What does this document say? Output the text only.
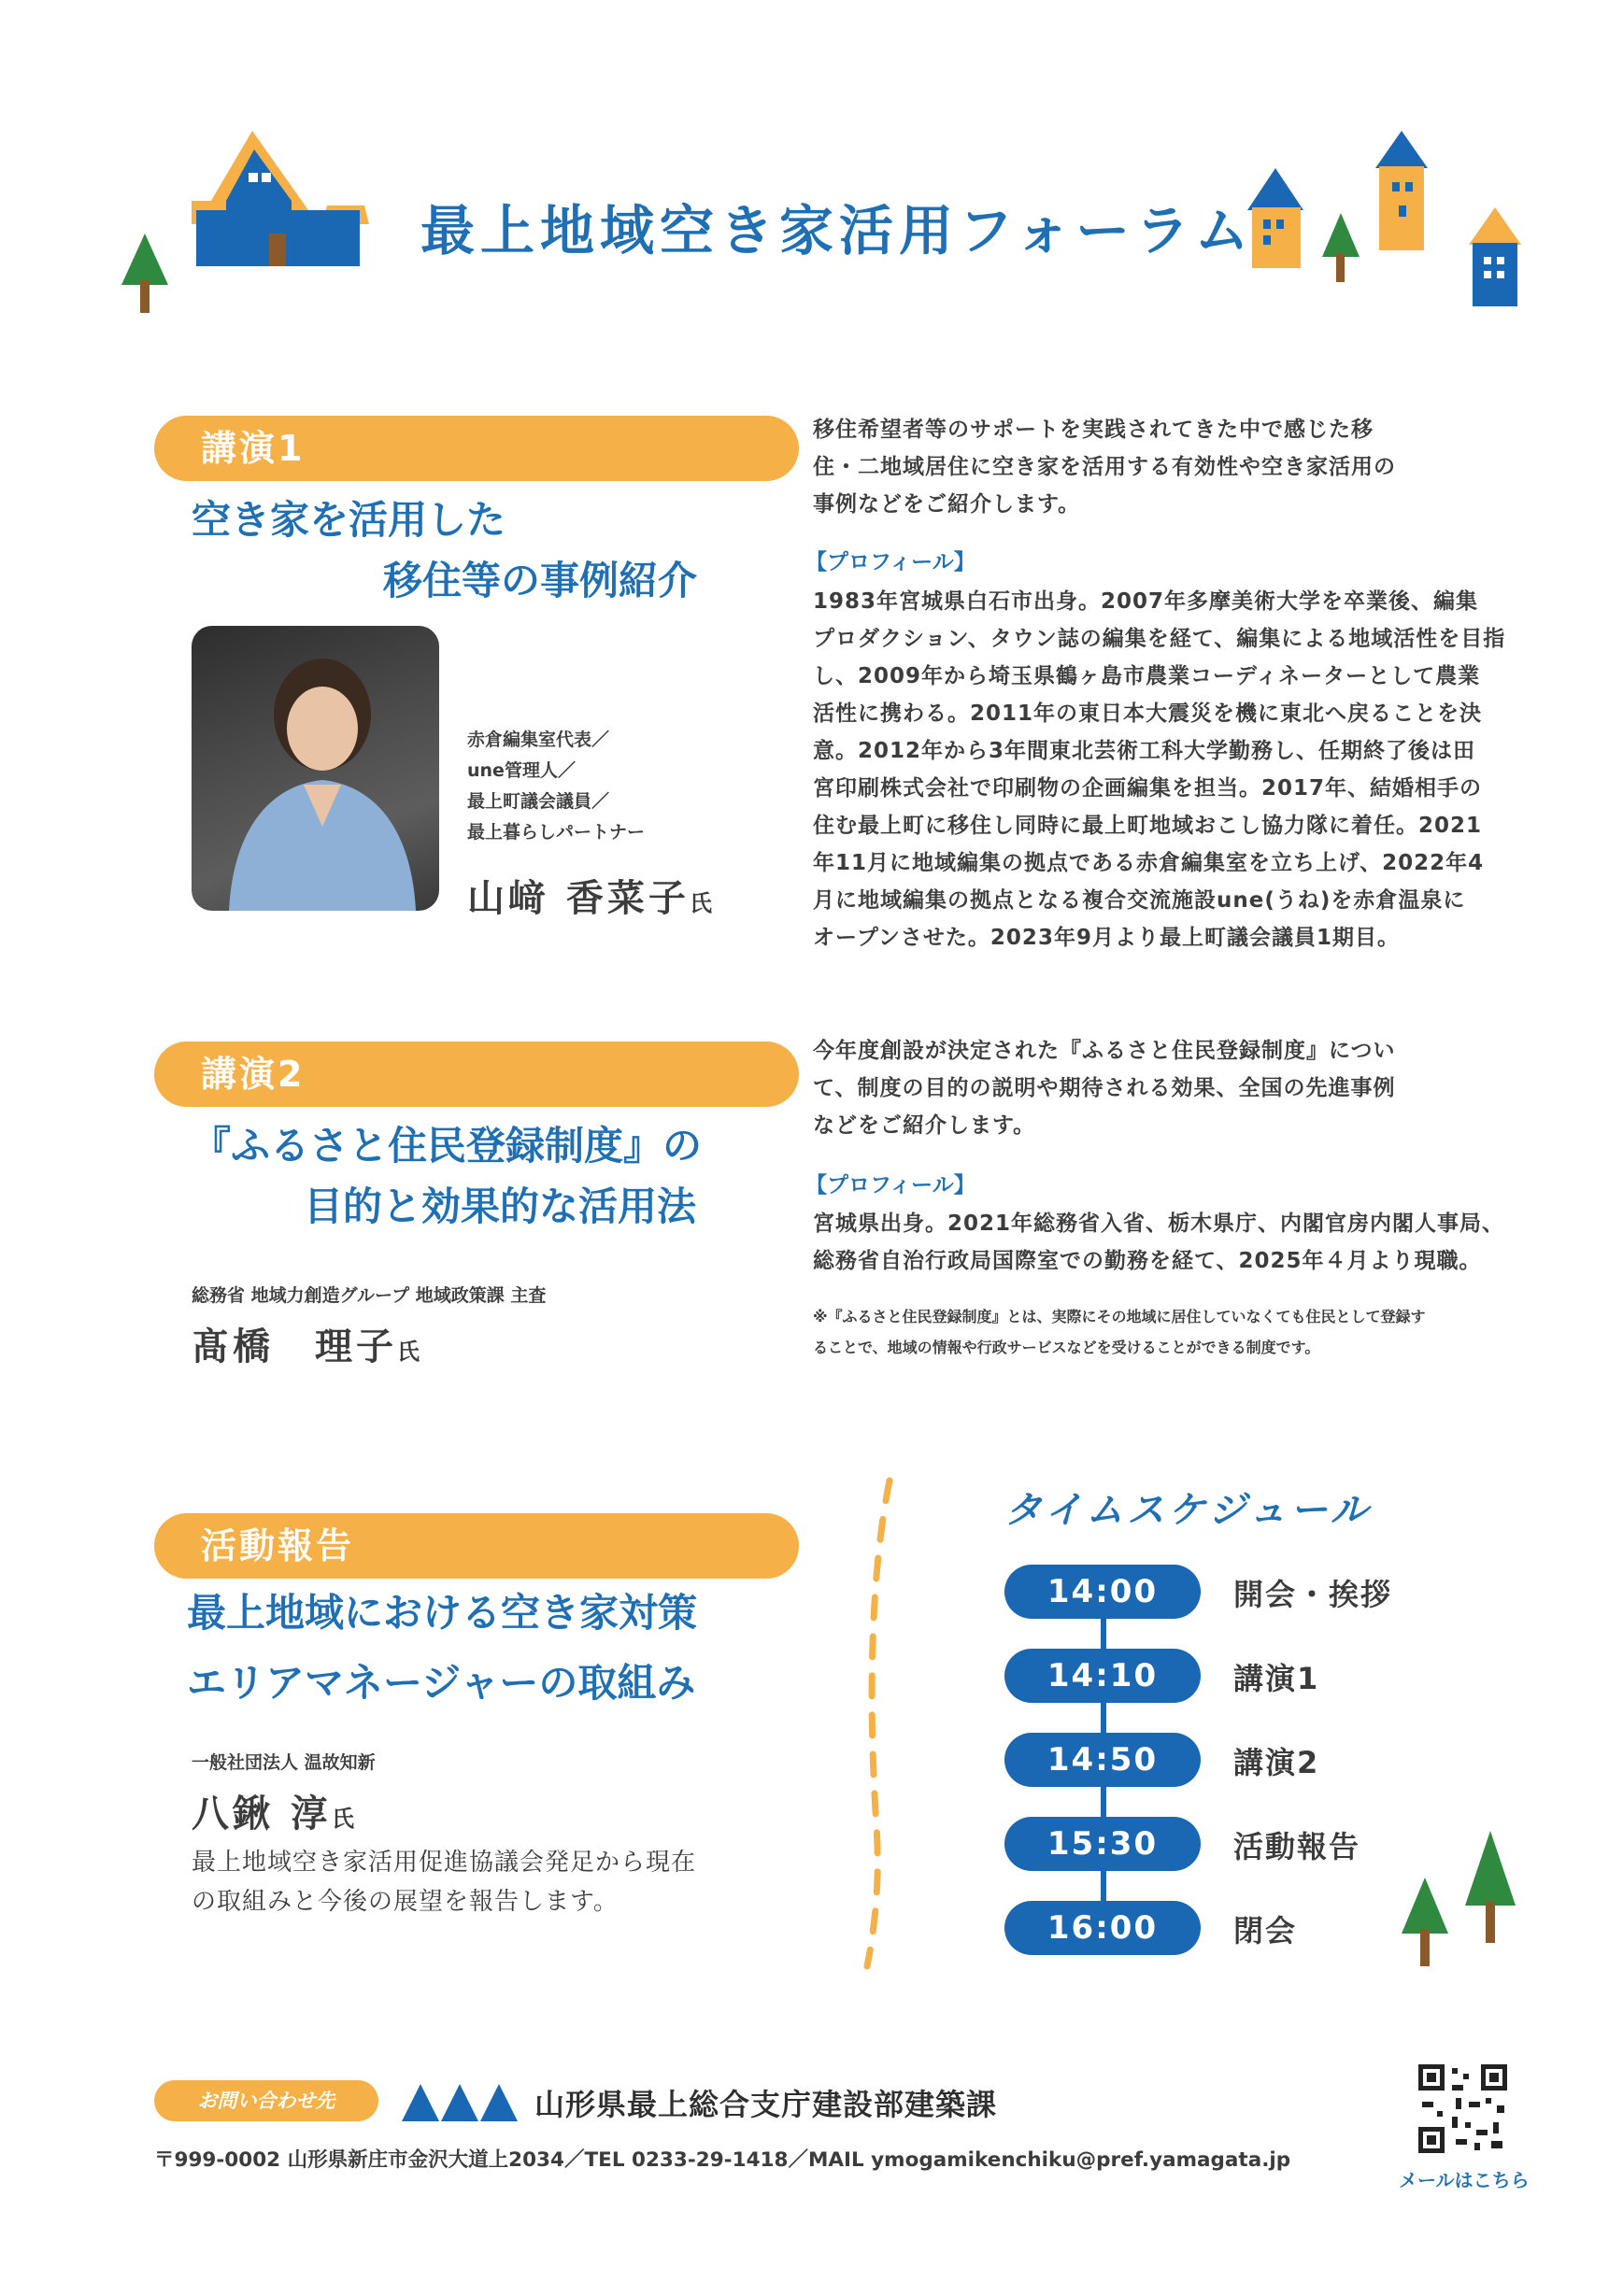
最上地域空き家活用フォーラム
講演1
空き家を活用した
移住等の事例紹介
赤倉編集室代表／
une管理人／
最上町議会議員／
最上暮らしパートナー
山﨑 香菜子氏
移住希望者等のサポートを実践されてきた中で感じた移
住・二地域居住に空き家を活用する有効性や空き家活用の
事例などをご紹介します。
【プロフィール】
1983年宮城県白石市出身。2007年多摩美術大学を卒業後、編集
プロダクション、タウン誌の編集を経て、編集による地域活性を目指
し、2009年から埼玉県鶴ヶ島市農業コーディネーターとして農業
活性に携わる。2011年の東日本大震災を機に東北へ戻ることを決
意。2012年から3年間東北芸術工科大学勤務し、任期終了後は田
宮印刷株式会社で印刷物の企画編集を担当。2017年、結婚相手の
住む最上町に移住し同時に最上町地域おこし協力隊に着任。2021
年11月に地域編集の拠点である赤倉編集室を立ち上げ、2022年4
月に地域編集の拠点となる複合交流施設une(うね)を赤倉温泉に
オープンさせた。2023年9月より最上町議会議員1期目。
講演2
『ふるさと住民登録制度』の
目的と効果的な活用法
総務省 地域力創造グループ 地域政策課 主査
髙橋　理子氏
今年度創設が決定された『ふるさと住民登録制度』につい
て、制度の目的の説明や期待される効果、全国の先進事例
などをご紹介します。
【プロフィール】
宮城県出身。2021年総務省入省、栃木県庁、内閣官房内閣人事局、
総務省自治行政局国際室での勤務を経て、2025年４月より現職。
※『ふるさと住民登録制度』とは、実際にその地域に居住していなくても住民として登録す
ることで、地域の情報や行政サービスなどを受けることができる制度です。
活動報告
最上地域における空き家対策
エリアマネージャーの取組み
一般社団法人 温故知新
八鍬 淳氏
最上地域空き家活用促進協議会発足から現在
の取組みと今後の展望を報告します。
タイムスケジュール
14:00	開会・挨拶
14:10	講演1
14:50	講演2
15:30	活動報告
16:00	閉会
お問い合わせ先	山形県最上総合支庁建設部建築課
〒999-0002 山形県新庄市金沢大道上2034／TEL 0233-29-1418／MAIL ymogamikenchiku@pref.yamagata.jp
メールはこちら
